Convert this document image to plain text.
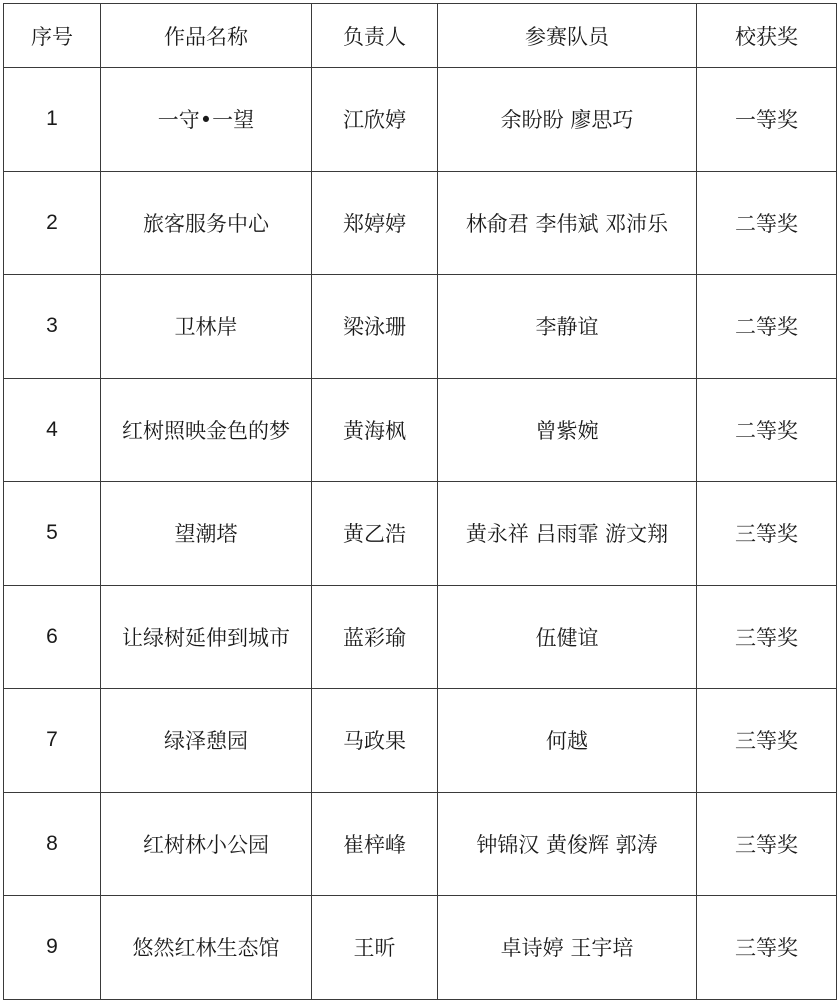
序号	作品名称	负责人	参赛队员	校获奖
1	一守•一望	江欣婷	余盼盼 廖思巧	一等奖
2	旅客服务中心	郑婷婷	林俞君 李伟斌 邓沛乐	二等奖
3	卫林岸	梁泳珊	李静谊	二等奖
4	红树照映金色的梦	黄海枫	曾紫婉	二等奖
5	望潮塔	黄乙浩	黄永祥 吕雨霏 游文翔	三等奖
6	让绿树延伸到城市	蓝彩瑜	伍健谊	三等奖
7	绿泽憩园	马政果	何越	三等奖
8	红树林小公园	崔梓峰	钟锦汉 黄俊辉 郭涛	三等奖
9	悠然红林生态馆	王昕	卓诗婷 王宇培	三等奖
